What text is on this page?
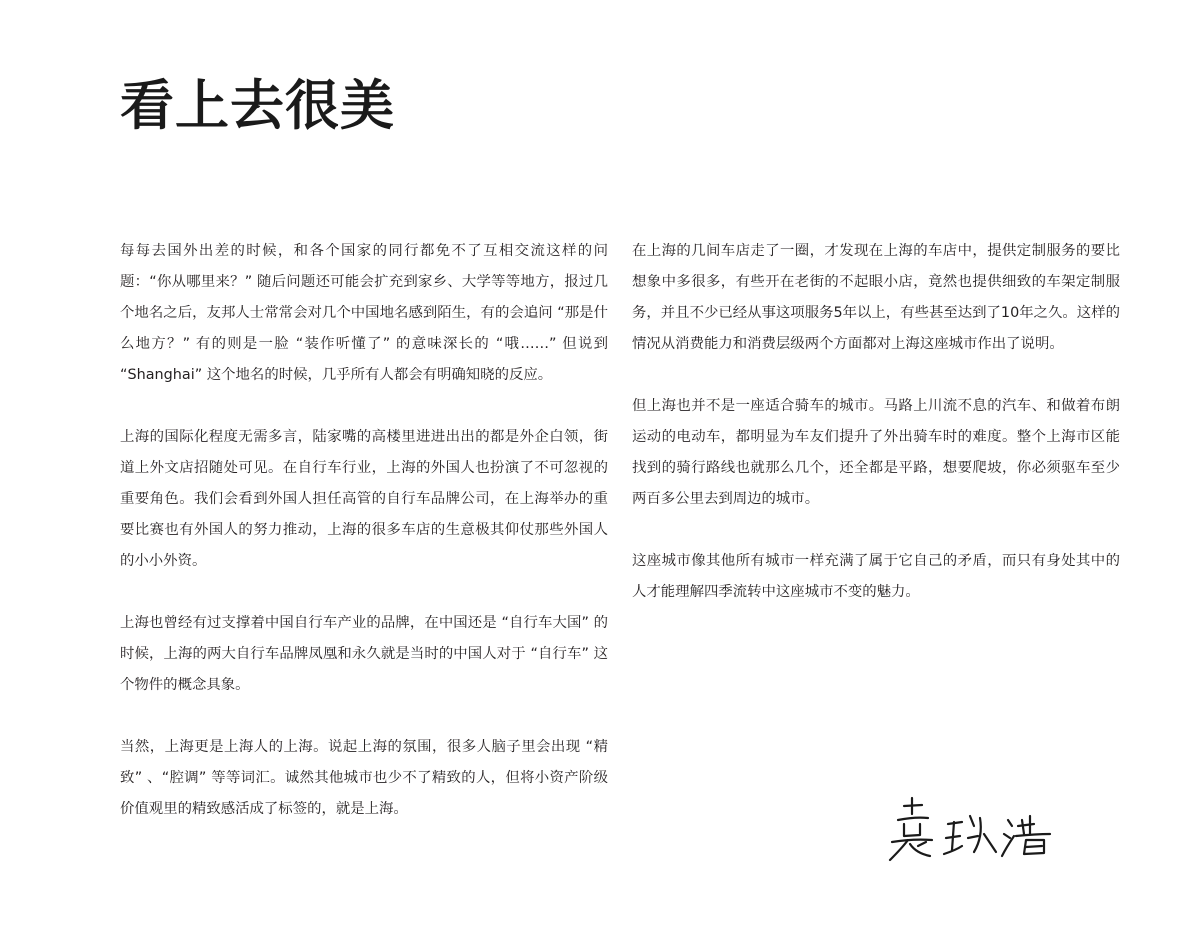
看上去很美

每每去国外出差的时候，和各个国家的同行都免不了互相交流这样的问题：“你从哪里来？” 随后问题还可能会扩充到家乡、大学等等地方，报过几个地名之后，友邦人士常常会对几个中国地名感到陌生，有的会追问 “那是什么地方？” 有的则是一脸 “装作听懂了” 的意味深长的 “哦……” 但说到 “Shanghai” 这个地名的时候，几乎所有人都会有明确知晓的反应。

上海的国际化程度无需多言，陆家嘴的高楼里进进出出的都是外企白领，街道上外文店招随处可见。在自行车行业，上海的外国人也扮演了不可忽视的重要角色。我们会看到外国人担任高管的自行车品牌公司，在上海举办的重要比赛也有外国人的努力推动，上海的很多车店的生意极其仰仗那些外国人的小小外资。

上海也曾经有过支撑着中国自行车产业的品牌，在中国还是 “自行车大国” 的时候，上海的两大自行车品牌凤凰和永久就是当时的中国人对于 “自行车” 这个物件的概念具象。

当然，上海更是上海人的上海。说起上海的氛围，很多人脑子里会出现 “精致” 、“腔调” 等等词汇。诚然其他城市也少不了精致的人，但将小资产阶级价值观里的精致感活成了标签的，就是上海。

在上海的几间车店走了一圈，才发现在上海的车店中，提供定制服务的要比想象中多很多，有些开在老街的不起眼小店，竟然也提供细致的车架定制服务，并且不少已经从事这项服务5年以上，有些甚至达到了10年之久。这样的情况从消费能力和消费层级两个方面都对上海这座城市作出了说明。

但上海也并不是一座适合骑车的城市。马路上川流不息的汽车、和做着布朗运动的电动车，都明显为车友们提升了外出骑车时的难度。整个上海市区能找到的骑行路线也就那么几个，还全都是平路，想要爬坡，你必须驱车至少两百多公里去到周边的城市。

这座城市像其他所有城市一样充满了属于它自己的矛盾，而只有身处其中的人才能理解四季流转中这座城市不变的魅力。
